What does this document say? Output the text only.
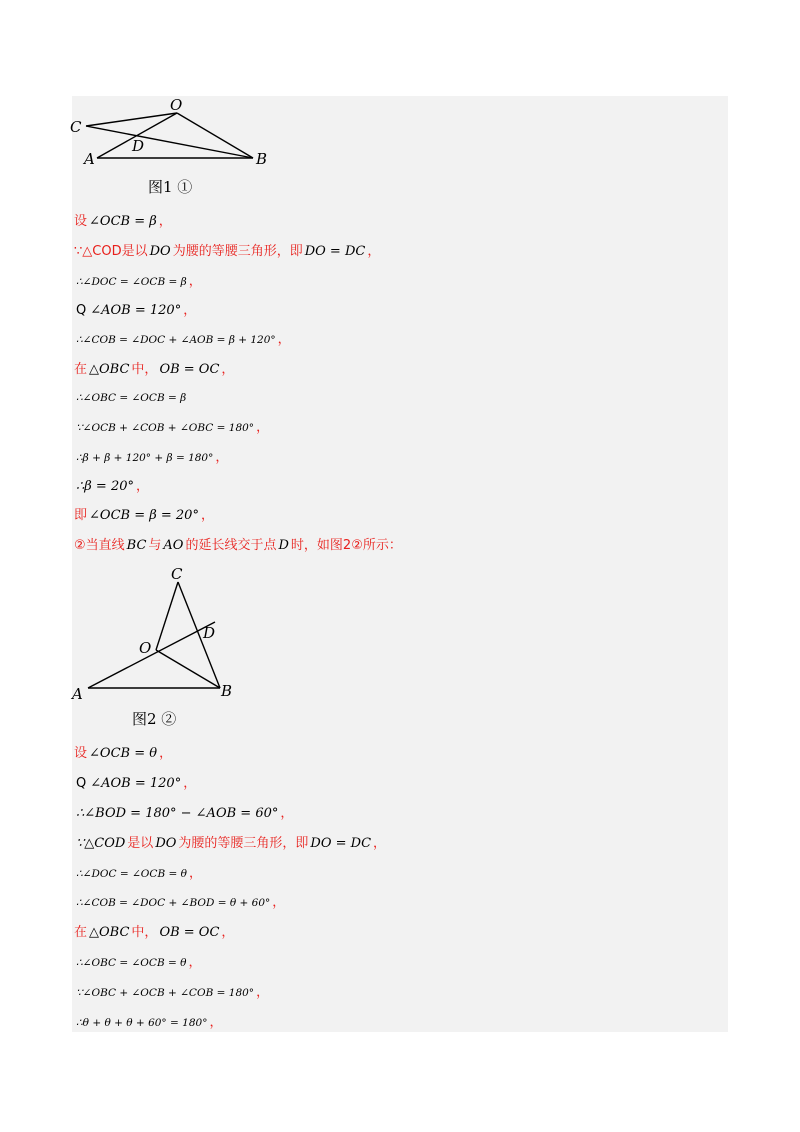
C
O
D
A	B
图1 ①
设 ∠OCB = β ，
∵△COD是以 DO 为腰的等腰三角形，即 DO = DC ，
∴∠DOC = ∠OCB = β ，
Q ∠AOB = 120° ，
∴∠COB = ∠DOC + ∠AOB = β + 120° ，
在 △OBC 中， OB = OC ，
∴∠OBC = ∠OCB = β
∵∠OCB + ∠COB + ∠OBC = 180° ，
∴β + β + 120° + β = 180° ，
∴β = 20° ，
即 ∠OCB = β = 20° ，
②当直线 BC 与 AO 的延长线交于点 D 时，如图2②所示：
C
D
O
A	B
图2 ②
设 ∠OCB = θ ，
Q ∠AOB = 120° ，
∴∠BOD = 180° − ∠AOB = 60° ，
∵△COD 是以 DO 为腰的等腰三角形，即 DO = DC ，
∴∠DOC = ∠OCB = θ ，
∴∠COB = ∠DOC + ∠BOD = θ + 60° ，
在 △OBC 中， OB = OC ，
∴∠OBC = ∠OCB = θ ，
∵∠OBC + ∠OCB + ∠COB = 180° ，
∴θ + θ + θ + 60° = 180° ，
